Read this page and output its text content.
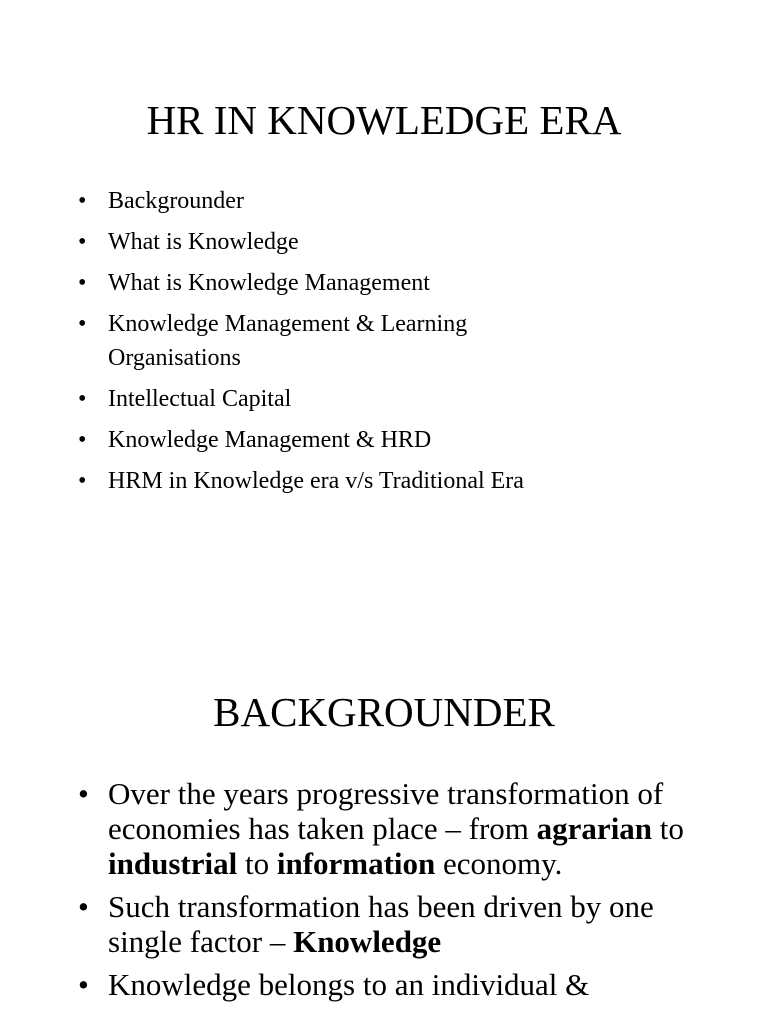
HR IN KNOWLEDGE ERA
• Backgrounder
• What is Knowledge
• What is Knowledge Management
• Knowledge Management & Learning Organisations
• Intellectual Capital
• Knowledge Management & HRD
• HRM in Knowledge era v/s Traditional Era
BACKGROUNDER
• Over the years progressive transformation of economies has taken place – from agrarian to industrial to information economy.
• Such transformation has been driven by one single factor – Knowledge
• Knowledge belongs to an individual &
